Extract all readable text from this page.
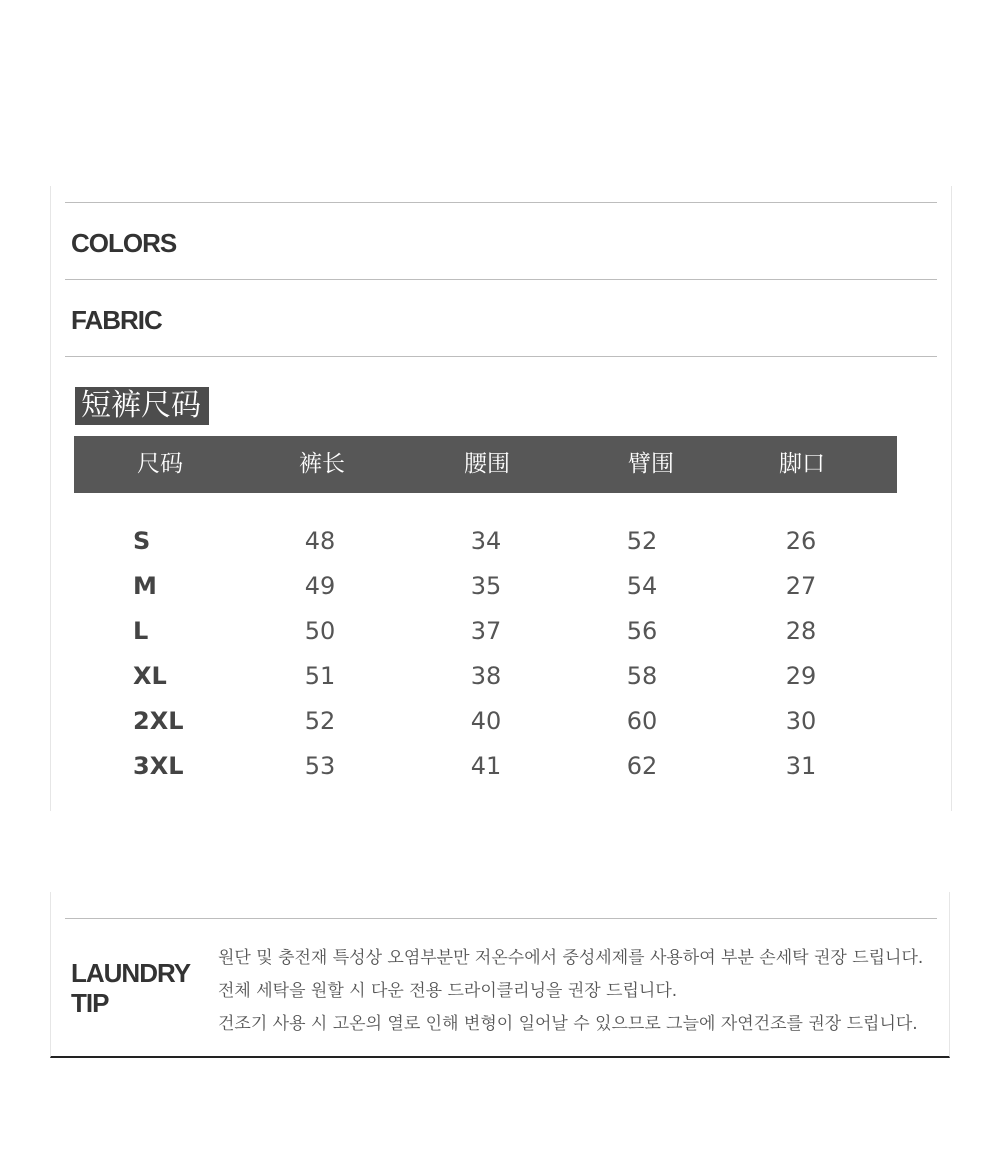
COLORS
FABRIC
短裤尺码
尺码	裤长	腰围	臂围	脚口
S	48	34	52	26
M	49	35	54	27
L	50	37	56	28
XL	51	38	58	29
2XL	52	40	60	30
3XL	53	41	62	31
LAUNDRY
TIP
원단 및 충전재 특성상 오염부분만 저온수에서 중성세제를 사용하여 부분 손세탁 권장 드립니다.
전체 세탁을 원할 시 다운 전용 드라이클리닝을 권장 드립니다.
건조기 사용 시 고온의 열로 인해 변형이 일어날 수 있으므로 그늘에 자연건조를 권장 드립니다.
